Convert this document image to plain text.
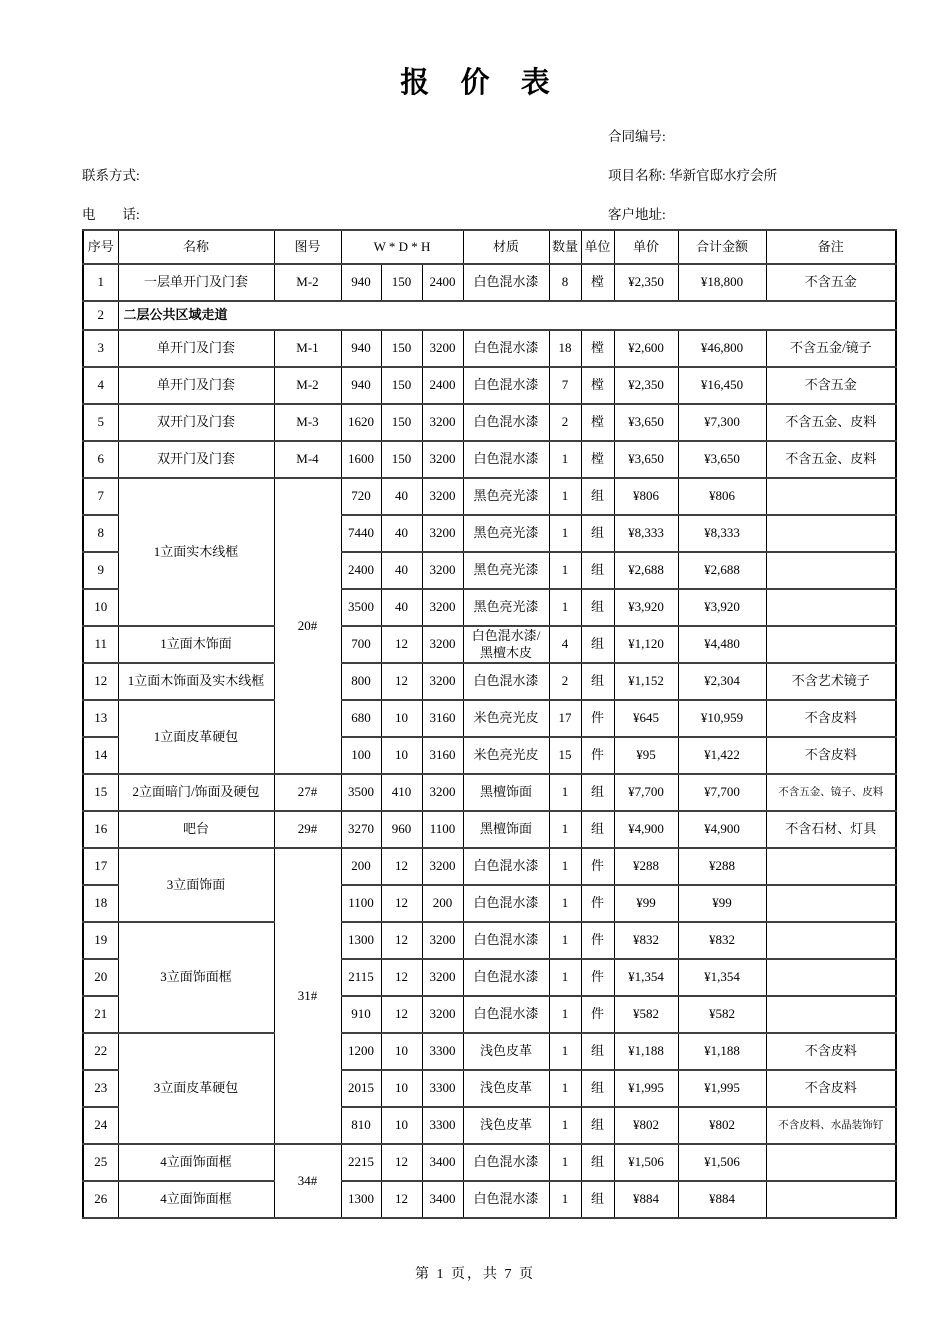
报 价 表
合同编号:
联系方式:	项目名称: 华新官邸水疗会所
电　　话:	客户地址:
序号	名称	图号	W * D * H			材质	数量	单位	单价	合计金额	备注
1	一层单开门及门套	M-2	940	150	2400	白色混水漆	8	樘	¥2,350	¥18,800	不含五金
2	二层公共区域走道										
3	单开门及门套	M-1	940	150	3200	白色混水漆	18	樘	¥2,600	¥46,800	不含五金/镜子
4	单开门及门套	M-2	940	150	2400	白色混水漆	7	樘	¥2,350	¥16,450	不含五金
5	双开门及门套	M-3	1620	150	3200	白色混水漆	2	樘	¥3,650	¥7,300	不含五金、皮料
6	双开门及门套	M-4	1600	150	3200	白色混水漆	1	樘	¥3,650	¥3,650	不含五金、皮料
7	1立面实木线框	20#	720	40	3200	黑色亮光漆	1	组	¥806	¥806	
8			7440	40	3200	黑色亮光漆	1	组	¥8,333	¥8,333	
9			2400	40	3200	黑色亮光漆	1	组	¥2,688	¥2,688	
10			3500	40	3200	黑色亮光漆	1	组	¥3,920	¥3,920	
11	1立面木饰面		700	12	3200	白色混水漆/黑檀木皮	4	组	¥1,120	¥4,480	
12	1立面木饰面及实木线框		800	12	3200	白色混水漆	2	组	¥1,152	¥2,304	不含艺术镜子
13	1立面皮革硬包		680	10	3160	米色亮光皮	17	件	¥645	¥10,959	不含皮料
14			100	10	3160	米色亮光皮	15	件	¥95	¥1,422	不含皮料
15	2立面暗门/饰面及硬包	27#	3500	410	3200	黑檀饰面	1	组	¥7,700	¥7,700	不含五金、镜子、皮料
16	吧台	29#	3270	960	1100	黑檀饰面	1	组	¥4,900	¥4,900	不含石材、灯具
17	3立面饰面	31#	200	12	3200	白色混水漆	1	件	¥288	¥288	
18			1100	12	200	白色混水漆	1	件	¥99	¥99	
19	3立面饰面框		1300	12	3200	白色混水漆	1	件	¥832	¥832	
20			2115	12	3200	白色混水漆	1	件	¥1,354	¥1,354	
21			910	12	3200	白色混水漆	1	件	¥582	¥582	
22	3立面皮革硬包		1200	10	3300	浅色皮革	1	组	¥1,188	¥1,188	不含皮料
23			2015	10	3300	浅色皮革	1	组	¥1,995	¥1,995	不含皮料
24			810	10	3300	浅色皮革	1	组	¥802	¥802	不含皮料、水晶装饰钉
25	4立面饰面框	34#	2215	12	3400	白色混水漆	1	组	¥1,506	¥1,506	
26	4立面饰面框		1300	12	3400	白色混水漆	1	组	¥884	¥884	
第 1 页，共 7 页
